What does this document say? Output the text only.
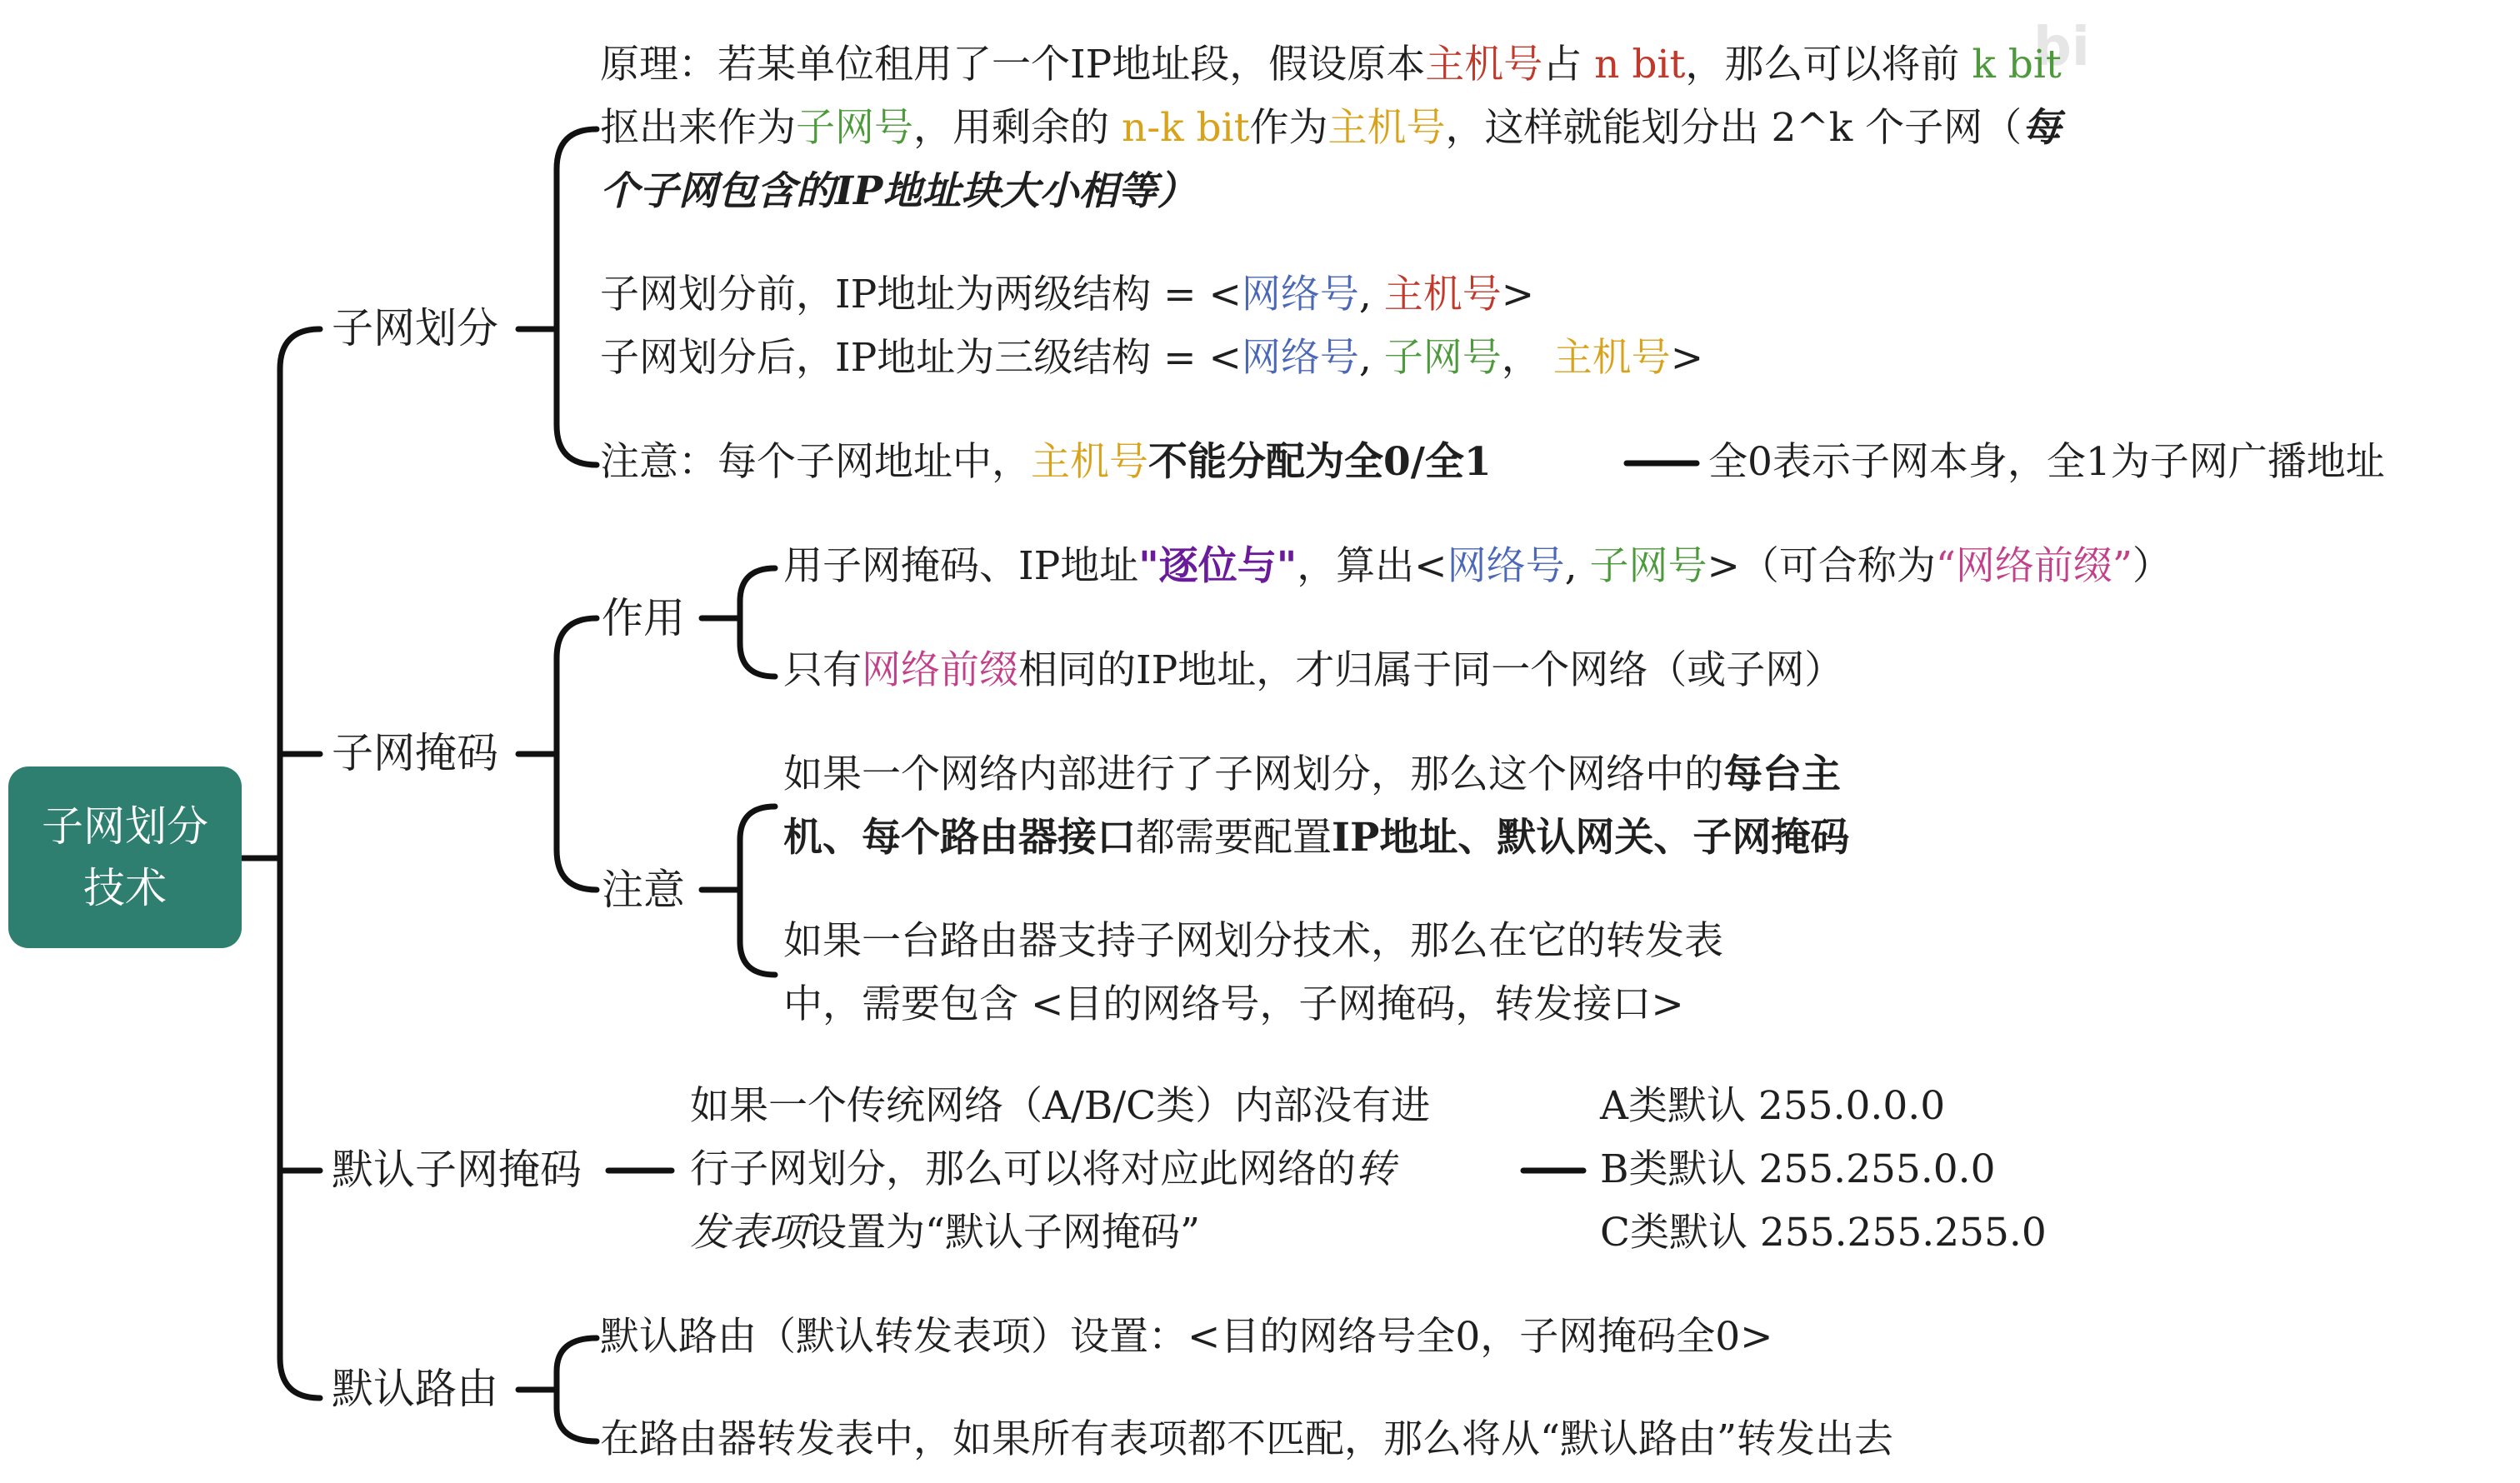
bi
子网划分
技术
子网划分
子网掩码
默认子网掩码
默认路由
作用
注意
原理：若某单位租用了一个IP地址段，假设原本主机号占 n bit，那么可以将前 k bit
抠出来作为子网号，用剩余的 n-k bit作为主机号，这样就能划分出 2^k 个子网（每
个子网包含的IP地址块大小相等）
子网划分前，IP地址为两级结构 = <网络号, 主机号>
子网划分后，IP地址为三级结构 = <网络号, 子网号， 主机号>
注意：每个子网地址中，主机号不能分配为全0/全1	全0表示子网本身，全1为子网广播地址
用子网掩码、IP地址"逐位与"，算出<网络号, 子网号>（可合称为“网络前缀”）
只有网络前缀相同的IP地址，才归属于同一个网络（或子网）
如果一个网络内部进行了子网划分，那么这个网络中的每台主
机、每个路由器接口都需要配置IP地址、默认网关、子网掩码
如果一台路由器支持子网划分技术，那么在它的转发表
中，需要包含 <目的网络号，子网掩码，转发接口>
如果一个传统网络（A/B/C类）内部没有进
行子网划分，那么可以将对应此网络的转
发表项设置为“默认子网掩码”
A类默认 255.0.0.0
B类默认 255.255.0.0
C类默认 255.255.255.0
默认路由（默认转发表项）设置：<目的网络号全0，子网掩码全0>
在路由器转发表中，如果所有表项都不匹配，那么将从“默认路由”转发出去
